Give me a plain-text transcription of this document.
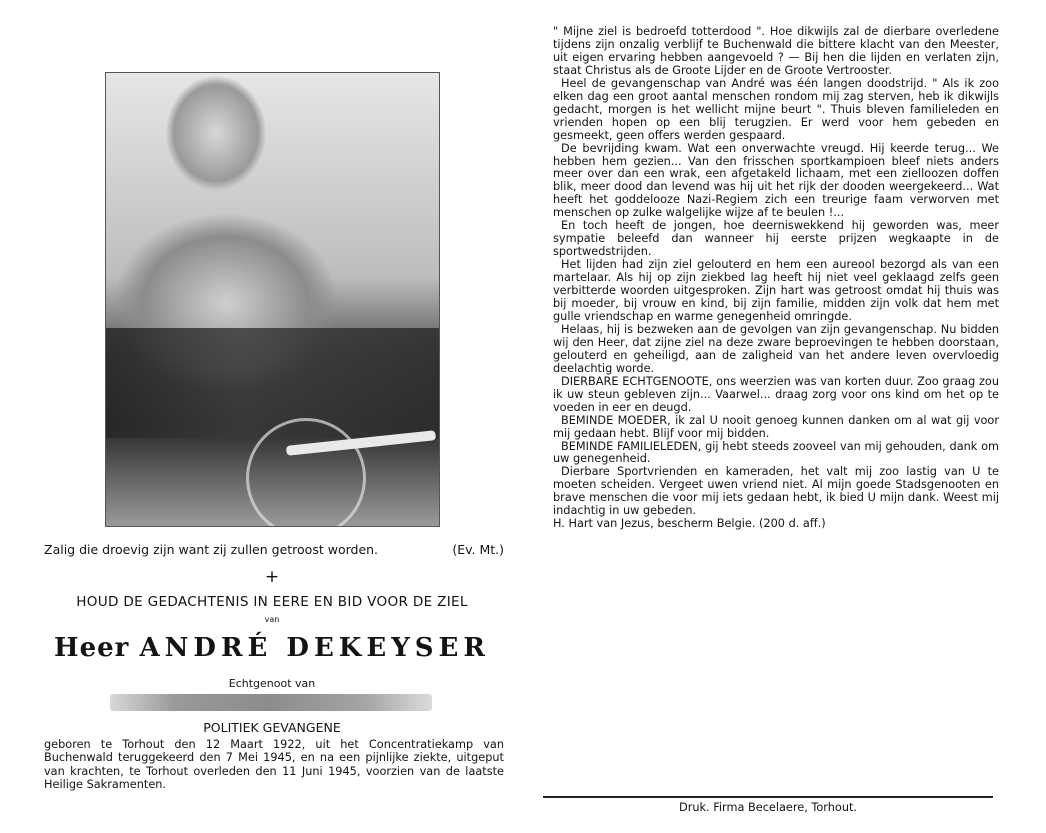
Zalig die droevig zijn want zij zullen getroost worden.	(Ev. Mt.)
+
HOUD DE GEDACHTENIS IN EERE EN BID VOOR DE ZIEL
van
Heer ANDRÉ DEKEYSER
Echtgenoot van
POLITIEK GEVANGENE
geboren te Torhout den 12 Maart 1922, uit het Concentratiekamp van Buchenwald teruggekeerd den 7 Mei 1945, en na een pijnlijke ziekte, uitgeput van krachten, te Torhout overleden den 11 Juni 1945, voorzien van de laatste Heilige Sakramenten.

" Mijne ziel is bedroefd totterdood ". Hoe dikwijls zal de dierbare overledene tijdens zijn onzalig verblijf te Buchenwald die bittere klacht van den Meester, uit eigen ervaring hebben aangevoeld ? — Bij hen die lijden en verlaten zijn, staat Christus als de Groote Lijder en de Groote Vertrooster.

Heel de gevangenschap van André was één langen doodstrijd. " Als ik zoo elken dag een groot aantal menschen rondom mij zag sterven, heb ik dikwijls gedacht, morgen is het wellicht mijne beurt ". Thuis bleven familieleden en vrienden hopen op een blij terugzien. Er werd voor hem gebeden en gesmeekt, geen offers werden gespaard.

De bevrijding kwam. Wat een onverwachte vreugd. Hij keerde terug... We hebben hem gezien... Van den frisschen sportkampioen bleef niets anders meer over dan een wrak, een afgetakeld lichaam, met een zielloozen doffen blik, meer dood dan levend was hij uit het rijk der dooden weergekeerd... Wat heeft het goddelooze Nazi-Regiem zich een treurige faam verworven met menschen op zulke walgelijke wijze af te beulen !...

En toch heeft de jongen, hoe deerniswekkend hij geworden was, meer sympatie beleefd dan wanneer hij eerste prijzen wegkaapte in de sportwedstrijden.

Het lijden had zijn ziel gelouterd en hem een aureool bezorgd als van een martelaar. Als hij op zijn ziekbed lag heeft hij niet veel geklaagd zelfs geen verbitterde woorden uitgesproken. Zijn hart was getroost omdat hij thuis was bij moeder, bij vrouw en kind, bij zijn familie, midden zijn volk dat hem met gulle vriendschap en warme genegenheid omringde.

Helaas, hij is bezweken aan de gevolgen van zijn gevangenschap. Nu bidden wij den Heer, dat zijne ziel na deze zware beproevingen te hebben doorstaan, gelouterd en geheiligd, aan de zaligheid van het andere leven overvloedig deelachtig worde.

DIERBARE ECHTGENOOTE, ons weerzien was van korten duur. Zoo graag zou ik uw steun gebleven zijn... Vaarwel... draag zorg voor ons kind om het op te voeden in eer en deugd.

BEMINDE MOEDER, ik zal U nooit genoeg kunnen danken om al wat gij voor mij gedaan hebt. Blijf voor mij bidden.

BEMINDE FAMILIELEDEN, gij hebt steeds zooveel van mij gehouden, dank om uw genegenheid.

Dierbare Sportvrienden en kameraden, het valt mij zoo lastig van U te moeten scheiden. Vergeet uwen vriend niet. Al mijn goede Stadsgenooten en brave menschen die voor mij iets gedaan hebt, ik bied U mijn dank. Weest mij indachtig in uw gebeden.

H. Hart van Jezus, bescherm Belgie. (200 d. aff.)

Druk. Firma Becelaere, Torhout.
